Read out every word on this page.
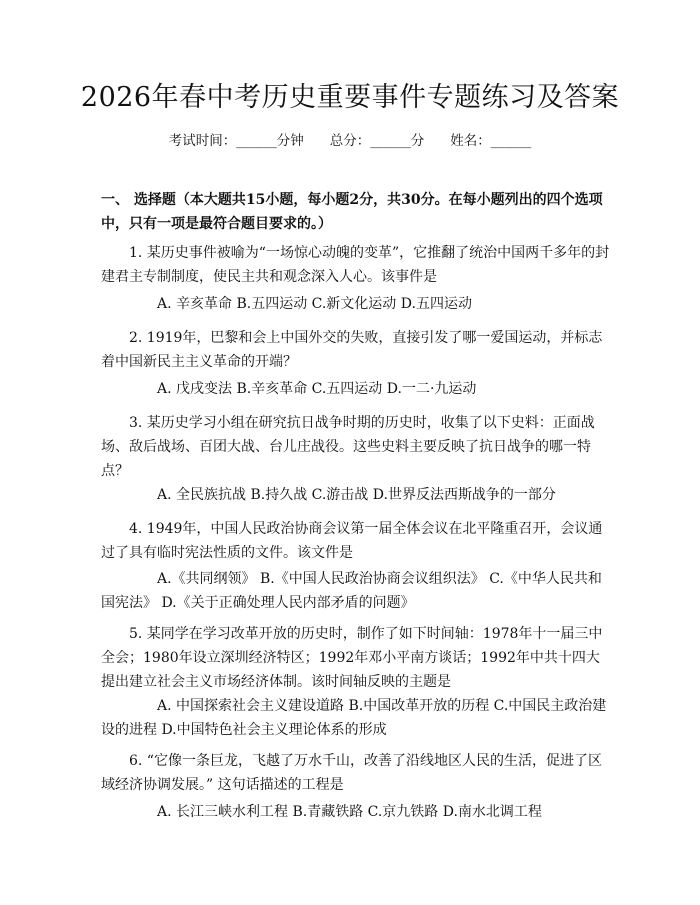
2026年春中考历史重要事件专题练习及答案
考试时间：______分钟 总分：______分 姓名：______
一、 选择题（本大题共15小题，每小题2分，共30分。在每小题列出的四个选项中，只有一项是最符合题目要求的。）
1. 某历史事件被喻为“一场惊心动魄的变革”，它推翻了统治中国两千多年的封建君主专制制度，使民主共和观念深入人心。该事件是
A. 辛亥革命 B.五四运动 C.新文化运动 D.五四运动
2. 1919年，巴黎和会上中国外交的失败，直接引发了哪一爱国运动，并标志着中国新民主主义革命的开端？
A. 戊戌变法 B.辛亥革命 C.五四运动 D.一二·九运动
3. 某历史学习小组在研究抗日战争时期的历史时，收集了以下史料：正面战场、敌后战场、百团大战、台儿庄战役。这些史料主要反映了抗日战争的哪一特点？
A. 全民族抗战 B.持久战 C.游击战 D.世界反法西斯战争的一部分
4. 1949年，中国人民政治协商会议第一届全体会议在北平隆重召开，会议通过了具有临时宪法性质的文件。该文件是
A.《共同纲领》 B.《中国人民政治协商会议组织法》 C.《中华人民共和国宪法》 D.《关于正确处理人民内部矛盾的问题》
5. 某同学在学习改革开放的历史时，制作了如下时间轴：1978年十一届三中全会；1980年设立深圳经济特区；1992年邓小平南方谈话；1992年中共十四大提出建立社会主义市场经济体制。该时间轴反映的主题是
A. 中国探索社会主义建设道路 B.中国改革开放的历程 C.中国民主政治建设的进程 D.中国特色社会主义理论体系的形成
6. “它像一条巨龙，飞越了万水千山，改善了沿线地区人民的生活，促进了区域经济协调发展。” 这句话描述的工程是
A. 长江三峡水利工程 B.青藏铁路 C.京九铁路 D.南水北调工程
